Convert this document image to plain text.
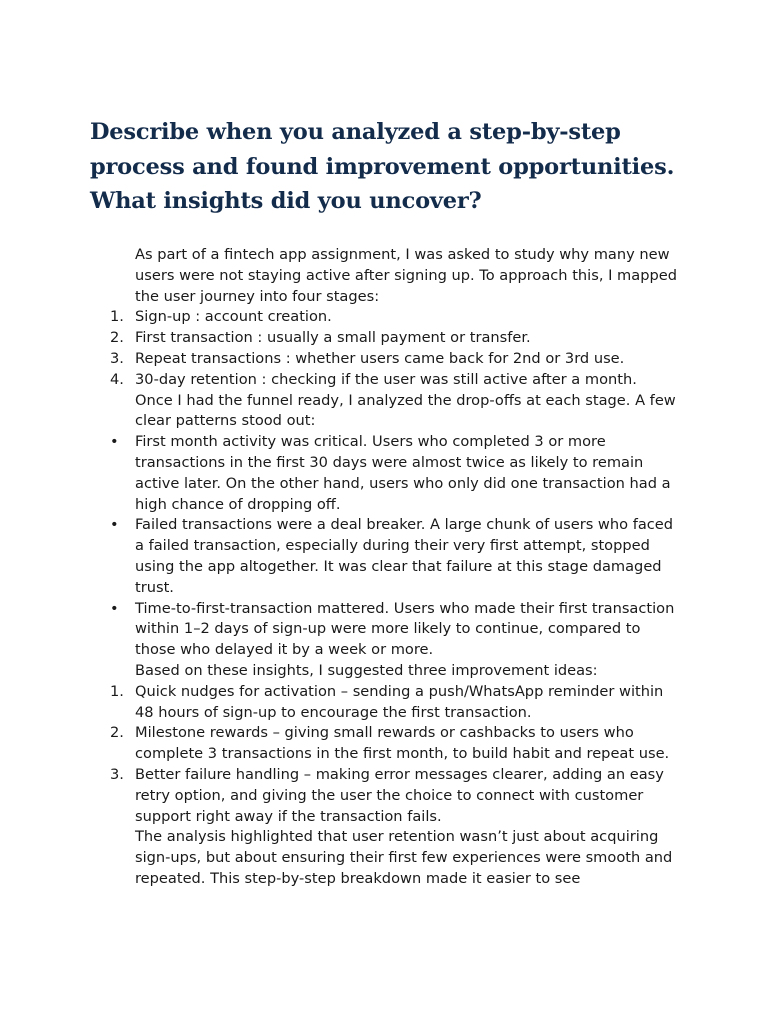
Describe when you analyzed a step-by-step process and found improvement opportunities. What insights did you uncover?

As part of a fintech app assignment, I was asked to study why many new users were not staying active after signing up. To approach this, I mapped the user journey into four stages:

1. Sign-up : account creation.
2. First transaction : usually a small payment or transfer.
3. Repeat transactions : whether users came back for 2nd or 3rd use.
4. 30-day retention : checking if the user was still active after a month.

Once I had the funnel ready, I analyzed the drop-offs at each stage. A few clear patterns stood out:

•	First month activity was critical. Users who completed 3 or more transactions in the first 30 days were almost twice as likely to remain active later. On the other hand, users who only did one transaction had a high chance of dropping off.
•	Failed transactions were a deal breaker. A large chunk of users who faced a failed transaction, especially during their very first attempt, stopped using the app altogether. It was clear that failure at this stage damaged trust.
•	Time-to-first-transaction mattered. Users who made their first transaction within 1–2 days of sign-up were more likely to continue, compared to those who delayed it by a week or more.

Based on these insights, I suggested three improvement ideas:

1. Quick nudges for activation – sending a push/WhatsApp reminder within 48 hours of sign-up to encourage the first transaction.
2. Milestone rewards – giving small rewards or cashbacks to users who complete 3 transactions in the first month, to build habit and repeat use.
3. Better failure handling – making error messages clearer, adding an easy retry option, and giving the user the choice to connect with customer support right away if the transaction fails.

The analysis highlighted that user retention wasn’t just about acquiring sign-ups, but about ensuring their first few experiences were smooth and repeated. This step-by-step breakdown made it easier to see
